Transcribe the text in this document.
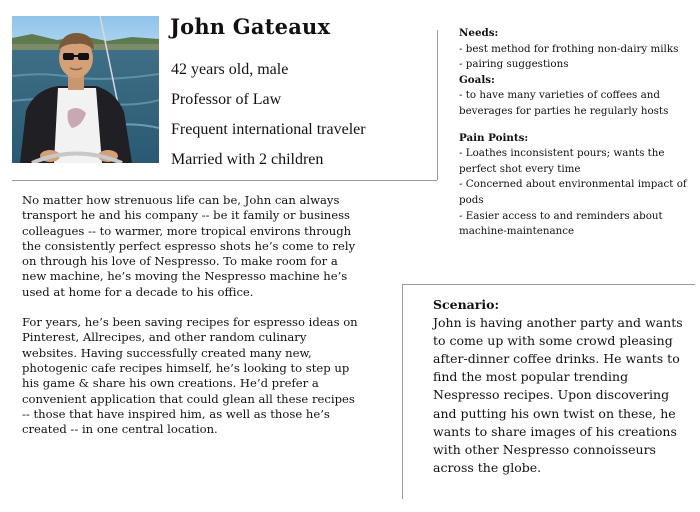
John Gateaux
42 years old, male
Professor of Law
Frequent international traveler
Married with 2 children

No matter how strenuous life can be, John can always transport he and his company -- be it family or business colleagues -- to warmer, more tropical environs through the consistently perfect espresso shots he’s come to rely on through his love of Nespresso. To make room for a new machine, he’s moving the Nespresso machine he’s used at home for a decade to his office.

For years, he’s been saving recipes for espresso ideas on Pinterest, Allrecipes, and other random culinary websites. Having successfully created many new, photogenic cafe recipes himself, he’s looking to step up his game & share his own creations. He’d prefer a convenient application that could glean all these recipes -- those that have inspired him, as well as those he’s created -- in one central location.

Needs:
- best method for frothing non-dairy milks
- pairing suggestions
Goals:
- to have many varieties of coffees and beverages for parties he regularly hosts
Pain Points:
- Loathes inconsistent pours; wants the perfect shot every time
- Concerned about environmental impact of pods
- Easier access to and reminders about machine-maintenance
Scenario:
John is having another party and wants to come up with some crowd pleasing after-dinner coffee drinks. He wants to find the most popular trending Nespresso recipes. Upon discovering and putting his own twist on these, he wants to share images of his creations with other Nespresso connoisseurs across the globe.
